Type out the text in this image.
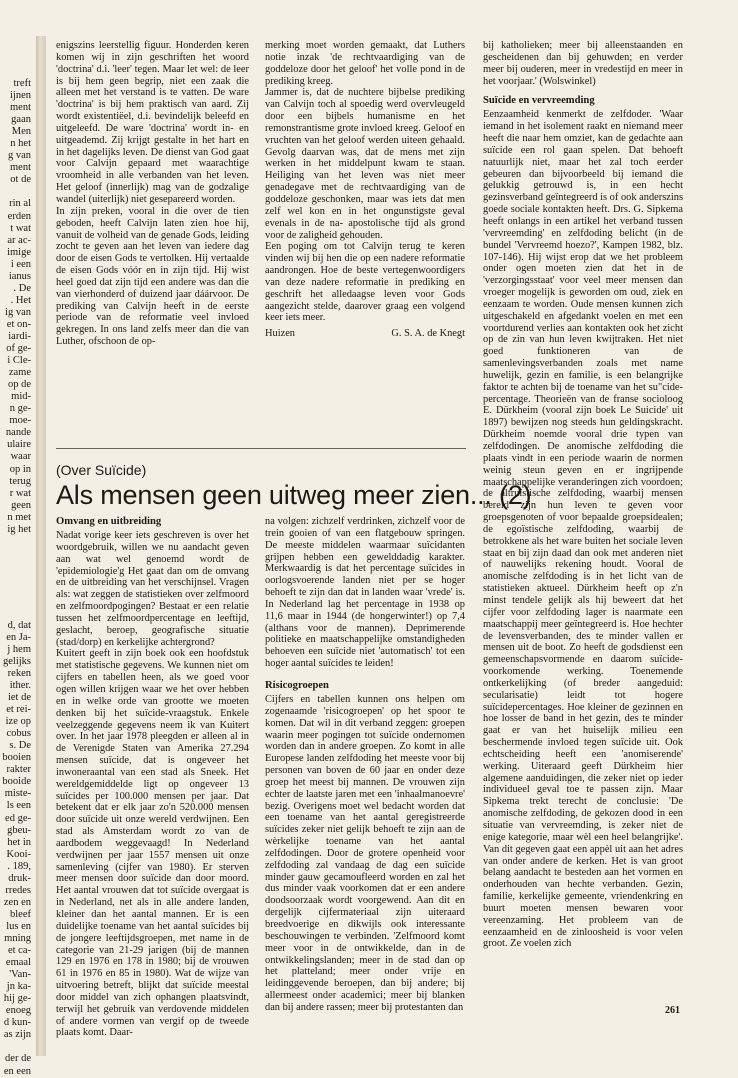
treft
ijnen
ment
gaan
Men
n het
g van
ment
ot de

rin al
erden
t wat
ar ac-
imige
i een
ianus
. De
. Het
ig van
et on-
iardi-
of ge-
i Cle-
zame
op de
mid-
n ge-
moe-
nande
ulaire
waar
op in
terug
r wat
geen
n met
ig het
d, dat
en Ja-
j hem
gelijks
reken
ither.
iet de
et rei-
ize op
cobus
s. De
booien
rakter
booide
miste-
ls een
ed ge-
gbeu-
het in
Kooi-
. 189,
druk-
rredes
zen en
bleef
lus en
mning
et ca-
emaal
'Van-
jn ka-
hij ge-
enoeg
d kun-
as zijn

der de
en een

enigszins leerstellig figuur. Honderden keren komen wij in zijn geschriften het woord 'doctrina' d.i. 'leer' tegen. Maar let wel: de leer is bij hem geen begrip, niet een zaak die alleen met het verstand is te vatten. De ware 'doctrina' is bij hem praktisch van aard. Zij wordt existentiëel, d.i. bevindelijk beleefd en uitgeleefd. De ware 'doctrina' wordt in- en uitgeademd. Zij krijgt gestalte in het hart en in het dagelijks leven. De dienst van God gaat voor Calvijn gepaard met waarachtige vroomheid in alle verbanden van het leven. Het geloof (innerlijk) mag van de godzalige wandel (uiterlijk) niet gesepareerd worden.

In zijn preken, vooral in die over de tien geboden, heeft Calvijn laten zien hoe hij, vanuit de volheid van de genade Gods, leiding zocht te geven aan het leven van iedere dag door de eisen Gods te vertolken. Hij vertaalde de eisen Gods vóór en in zijn tijd. Hij wist heel goed dat zijn tijd een andere was dan die van vierhonderd of duizend jaar dáárvoor. De prediking van Calvijn heeft in de eerste periode van de reformatie veel invloed gekregen. In ons land zelfs meer dan die van Luther, ofschoon de op-

merking moet worden gemaakt, dat Luthers notie inzak 'de rechtvaardiging van de goddeloze door het geloof' het volle pond in de prediking kreeg.

Jammer is, dat de nuchtere bijbelse prediking van Calvijn toch al spoedig werd overvleugeld door een bijbels humanisme en het remonstrantisme grote invloed kreeg. Geloof en vruchten van het geloof werden uiteen gehaald. Gevolg daarvan was, dat de mens met zijn werken in het middelpunt kwam te staan. Heiliging van het leven was niet meer genadegave met de rechtvaardiging van de goddeloze geschonken, maar was iets dat men zelf wel kon en in het ongunstigste geval evenals in de na- apostolische tijd als grond voor de zaligheid gehouden.

Een poging om tot Calvijn terug te keren vinden wij bij hen die op een nadere reformatie aandrongen. Hoe de beste vertegenwoordigers van deze nadere reformatie in prediking en geschrift het alledaagse leven voor Gods aangezicht stelde, daarover graag een volgend keer iets meer.

Huizen	G. S. A. de Knegt
(Over Suïcide)
Als mensen geen uitweg meer zien... (2)
Omvang en uitbreiding

Nadat vorige keer iets geschreven is over het woordgebruik, willen we nu aandacht geven aan wat wel genoemd wordt de 'epidemiologie'g Het gaat dan om de omvang en de uitbreiding van het verschijnsel. Vragen als: wat zeggen de statistieken over zelfmoord en zelfmoordpogingen? Bestaat er een relatie tussen het zelfmoordpercentage en leeftijd, geslacht, beroep, geografische situatie (stad/dorp) en kerkelijke achtergrond?

Kuitert geeft in zijn boek ook een hoofdstuk met statistische gegevens. We kunnen niet om cijfers en tabellen heen, als we goed voor ogen willen krijgen waar we het over hebben en in welke orde van grootte we moeten denken bij het suïcide-vraagstuk. Enkele veelzeggende gegevens neem ik van Kuitert over. In het jaar 1978 pleegden er alleen al in de Verenigde Staten van Amerika 27.294 mensen suïcide, dat is ongeveer het inwoneraantal van een stad als Sneek. Het wereldgemiddelde ligt op ongeveer 13 suïcides per 100.000 mensen per jaar. Dat betekent dat er elk jaar zo'n 520.000 mensen door suïcide uit onze wereld verdwijnen. Een stad als Amsterdam wordt zo van de aardbodem weggevaagd! In Nederland verdwijnen per jaar 1557 mensen uit onze samenleving (cijfer van 1980). Er sterven meer mensen door suïcide dan door moord. Het aantal vrouwen dat tot suïcide overgaat is in Nederland, net als in alle andere landen, kleiner dan het aantal mannen. Er is een duidelijke toename van het aantal suïcides bij de jongere leeftijdsgroepen, met name in de categorie van 21-29 jarigen (bij de mannen 129 en 1976 en 178 in 1980; bij de vrouwen 61 in 1976 en 85 in 1980). Wat de wijze van uitvoering betreft, blijkt dat suïcide meestal door middel van zich ophangen plaatsvindt, terwijl het gebruik van verdovende middelen of andere vormen van vergif op de tweede plaats komt. Daar-

na volgen: zichzelf verdrinken, zichzelf voor de trein gooien of van een flatgebouw springen. De meeste middelen waarmaar suïcidanten grijpen hebben een gewelddadig karakter. Merkwaardig is dat het percentage suïcides in oorlogsvoerende landen niet per se hoger behoeft te zijn dan dat in landen waar 'vrede' is. In Nederland lag het percentage in 1938 op 11,6 maar in 1944 (de hongerwinter!) op 7,4 (althans voor de mannen). Deprimerende politieke en maatschappelijke omstandigheden behoeven een suïcide niet 'automatisch' tot een hoger aantal suïcides te leiden!

Risicogroepen

Cijfers en tabellen kunnen ons helpen om zogenaamde 'risicogroepen' op het spoor te komen. Dat wil in dit verband zeggen: groepen waarin meer pogingen tot suïcide ondernomen worden dan in andere groepen. Zo komt in alle Europese landen zelfdoding het meeste voor bij personen van boven de 60 jaar en onder deze groep het meest bij mannen. De vrouwen zijn echter de laatste jaren met een 'inhaalmanoevre' bezig. Overigens moet wel bedacht worden dat een toename van het aantal geregistreerde suïcides zeker niet gelijk behoeft te zijn aan de wèrkelijke toename van het aantal zelfdodingen. Door de grotere openheid voor zelfdoding zal vandaag de dag een suïcide minder gauw gecamoufleerd worden en zal het dus minder vaak voorkomen dat er een andere doodsoorzaak wordt voorgewend. Aan dit en dergelijk cijfermateriaal zijn uiteraard breedvoerige en dikwijls ook interessante beschouwingen te verbinden. 'Zelfmoord komt meer voor in de ontwikkelde, dan in de ontwikkelingslanden; meer in de stad dan op het platteland; meer onder vrije en leidinggevende beroepen, dan bij andere; bij allermeest onder academici; meer bij blanken dan bij andere rassen; meer bij protestanten dan

bij katholieken; meer bij alleenstaanden en gescheidenen dan bij gehuwden; en verder meer bij ouderen, meer in vredestijd en meer in het voorjaar.' (Wolswinkel)

Suïcide en vervreemding

Eenzaamheid kenmerkt de zelfdoder. 'Waar iemand in het isolement raakt en niemand meer heeft die naar hem omziet, kan de gedachte aan suïcide een rol gaan spelen. Dat behoeft natuurlijk niet, maar het zal toch eerder gebeuren dan bijvoorbeeld bij iemand die gelukkig getrouwd is, in een hecht gezinsverband geïntegreerd is of ook anderszins goede sociale kontakten heeft. Drs. G. Sipkema heeft onlangs in een artikel het verband tussen 'vervreemding' en zelfdoding belicht (in de bundel 'Vervreemd hoezo?', Kampen 1982, blz. 107-146). Hij wijst erop dat we het probleem onder ogen moeten zien dat het in de 'verzorgingsstaat' voor veel meer mensen dan vroeger mogelijk is geworden om oud, ziek en eenzaam te worden. Oude mensen kunnen zich uitgeschakeld en afgedankt voelen en met een voortdurend verlies aan kontakten ook het zicht op de zin van hun leven kwijtraken. Het niet goed funktioneren van de samenlevingsverbanden zoals met name huwelijk, gezin en familie, is een belangrijke faktor te achten bij de toename van het su"cide-percentage. Theorieën van de franse socioloog E. Dürkheim (vooral zijn boek Le Suicide' uit 1897) bewijzen nog steeds hun geldingskracht. Dürkheim noemde vooral drie typen van zelfdodingen. De anomische zelfdoding die plaats vindt in een periode waarin de normen weinig steun geven en er ingrijpende maatschappelijke veranderingen zich voordoen; de altruïstische zelfdoding, waarbij mensen bereid zijn hun leven te geven voor groepsgenoten of voor bepaalde groepsidealen; de egoïstische zelfdoding, waarbij de betrokkene als het ware buiten het sociale leven staat en bij zijn daad dan ook met anderen niet of nauwelijks rekening houdt. Vooral de anomische zelfdoding is in het licht van de statistieken aktueel. Dürkheim heeft op z'n minst tendele gelijk als hij beweert dat het cijfer voor zelfdoding lager is naarmate een maatschappij meer geïntegreerd is. Hoe hechter de levensverbanden, des te minder vallen er mensen uit de boot. Zo heeft de godsdienst een gemeenschapsvormende en daarom suïcide-voorkomende werking. Toenemende ontkerkelijking (of breder aangeduid: secularisatie) leidt tot hogere suïcidepercentages. Hoe kleiner de gezinnen en hoe losser de band in het gezin, des te minder gaat er van het huiselijk milieu een beschermende invloed tegen suïcide uit. Ook echtscheiding heeft een 'anomiserende' werking. Uiteraard geeft Dürkheim hier algemene aanduidingen, die zeker niet op ieder individueel geval toe te passen zijn. Maar Sipkema trekt terecht de conclusie: 'De anomische zelfdoding, de gekozen dood in een situatie van vervreemding, is zeker niet de enige kategorie, maar wèl een heel belangrijke'. Van dit gegeven gaat een appèl uit aan het adres van onder andere de kerken. Het is van groot belang aandacht te besteden aan het vormen en onderhouden van hechte verbanden. Gezin, familie, kerkelijke gemeente, vriendenkring en buurt moeten mensen bewaren voor vereenzaming. Het probleem van de eenzaamheid en de zinloosheid is voor velen groot. Ze voelen zich

261
